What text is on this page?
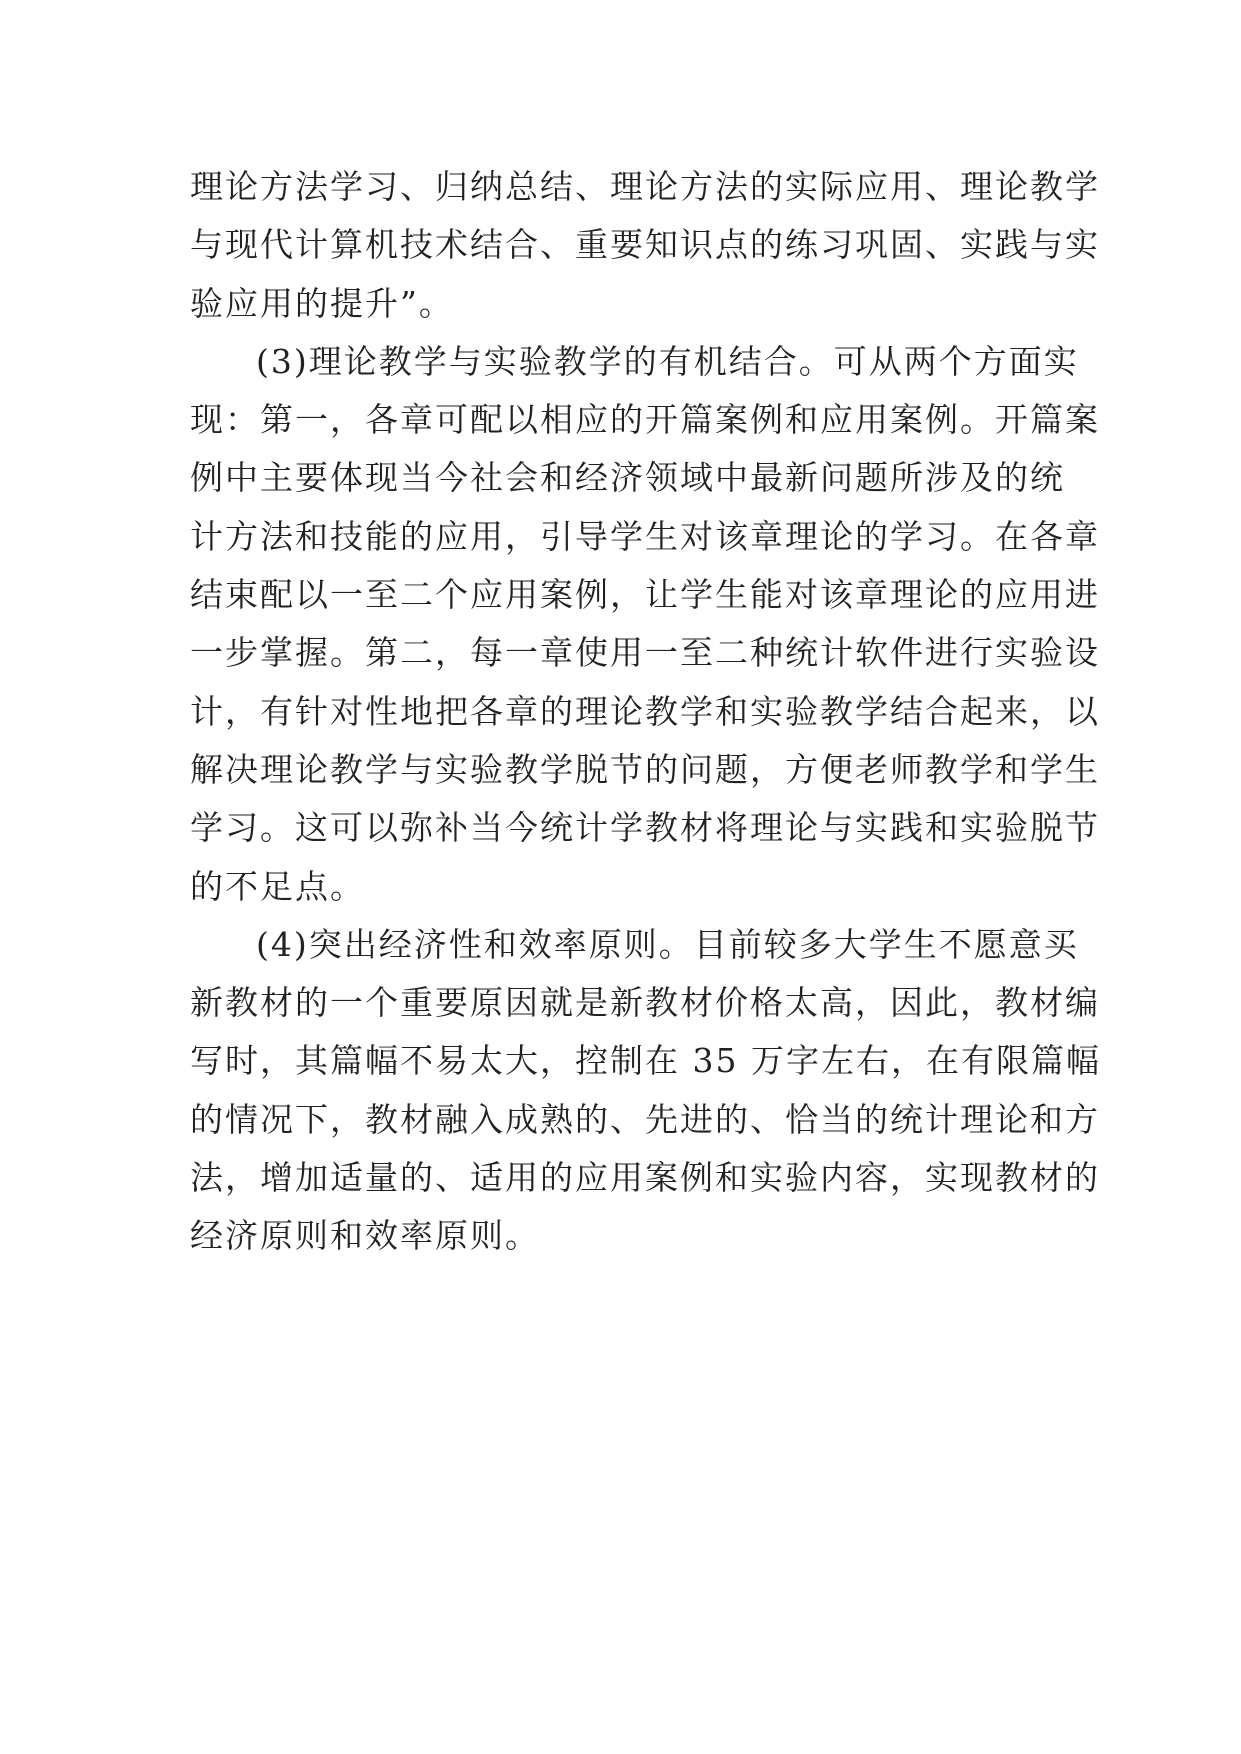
理论方法学习、归纳总结、理论方法的实际应用、理论教学
与现代计算机技术结合、重要知识点的练习巩固、实践与实
验应用的提升”。
(3)理论教学与实验教学的有机结合。可从两个方面实
现：第一，各章可配以相应的开篇案例和应用案例。开篇案
例中主要体现当今社会和经济领域中最新问题所涉及的统
计方法和技能的应用，引导学生对该章理论的学习。在各章
结束配以一至二个应用案例，让学生能对该章理论的应用进
一步掌握。第二，每一章使用一至二种统计软件进行实验设
计，有针对性地把各章的理论教学和实验教学结合起来，以
解决理论教学与实验教学脱节的问题，方便老师教学和学生
学习。这可以弥补当今统计学教材将理论与实践和实验脱节
的不足点。
(4)突出经济性和效率原则。目前较多大学生不愿意买
新教材的一个重要原因就是新教材价格太高，因此，教材编
写时，其篇幅不易太大，控制在 35 万字左右，在有限篇幅
的情况下，教材融入成熟的、先进的、恰当的统计理论和方
法，增加适量的、适用的应用案例和实验内容，实现教材的
经济原则和效率原则。
